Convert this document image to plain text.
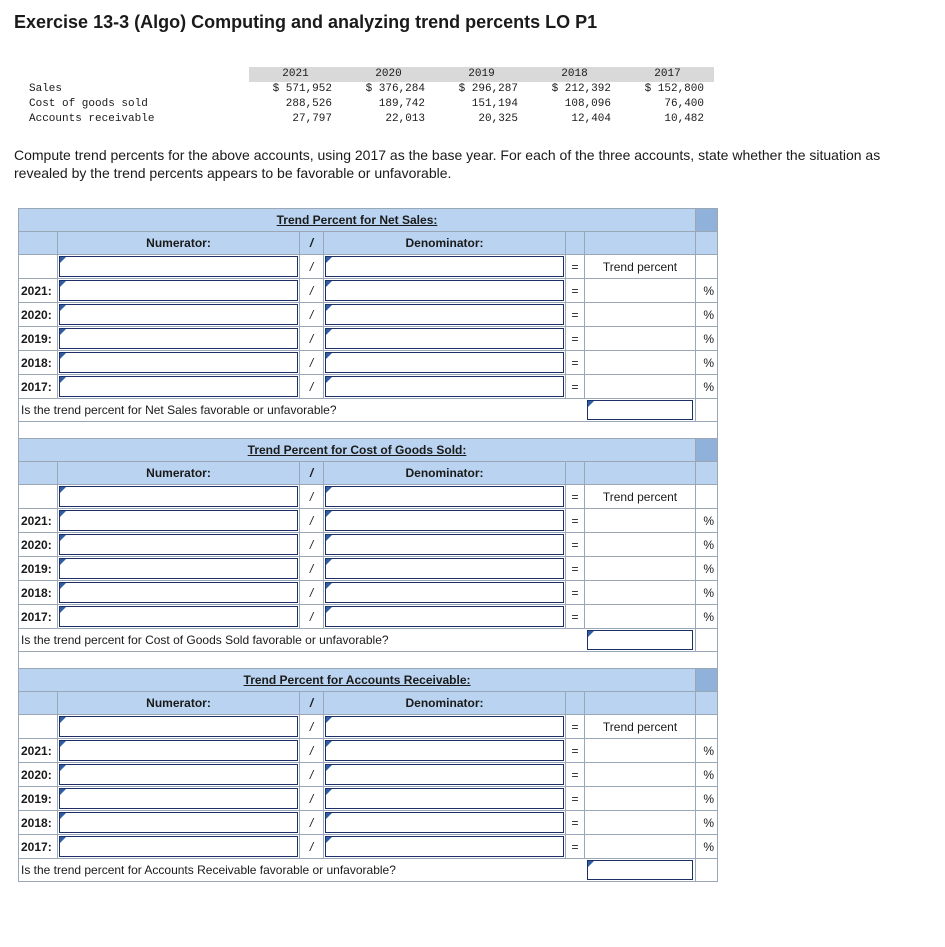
Exercise 13-3 (Algo) Computing and analyzing trend percents LO P1
	2021	2020	2019	2018	2017
Sales	$ 571,952	$ 376,284	$ 296,287	$ 212,392	$ 152,800
Cost of goods sold	288,526	189,742	151,194	108,096	76,400
Accounts receivable	27,797	22,013	20,325	12,404	10,482

Compute trend percents for the above accounts, using 2017 as the base year. For each of the three accounts, state whether the situation as revealed by the trend percents appears to be favorable or unfavorable.

Trend Percent for Net Sales:						
	Numerator:	/	Denominator:			

	/		=	Trend percent	
2021:		/		=		%
2020:		/		=		%
2019:		/		=		%
2018:		/		=		%
2017:		/		=		%
Is the trend percent for Net Sales favorable or unfavorable?					

Trend Percent for Cost of Goods Sold:						
	Numerator:	/	Denominator:			

	/		=	Trend percent	
2021:		/		=		%
2020:		/		=		%
2019:		/		=		%
2018:		/		=		%
2017:		/		=		%
Is the trend percent for Cost of Goods Sold favorable or unfavorable?					

Trend Percent for Accounts Receivable:						
	Numerator:	/	Denominator:			

	/		=	Trend percent	
2021:		/		=		%
2020:		/		=		%
2019:		/		=		%
2018:		/		=		%
2017:		/		=		%
Is the trend percent for Accounts Receivable favorable or unfavorable?					
